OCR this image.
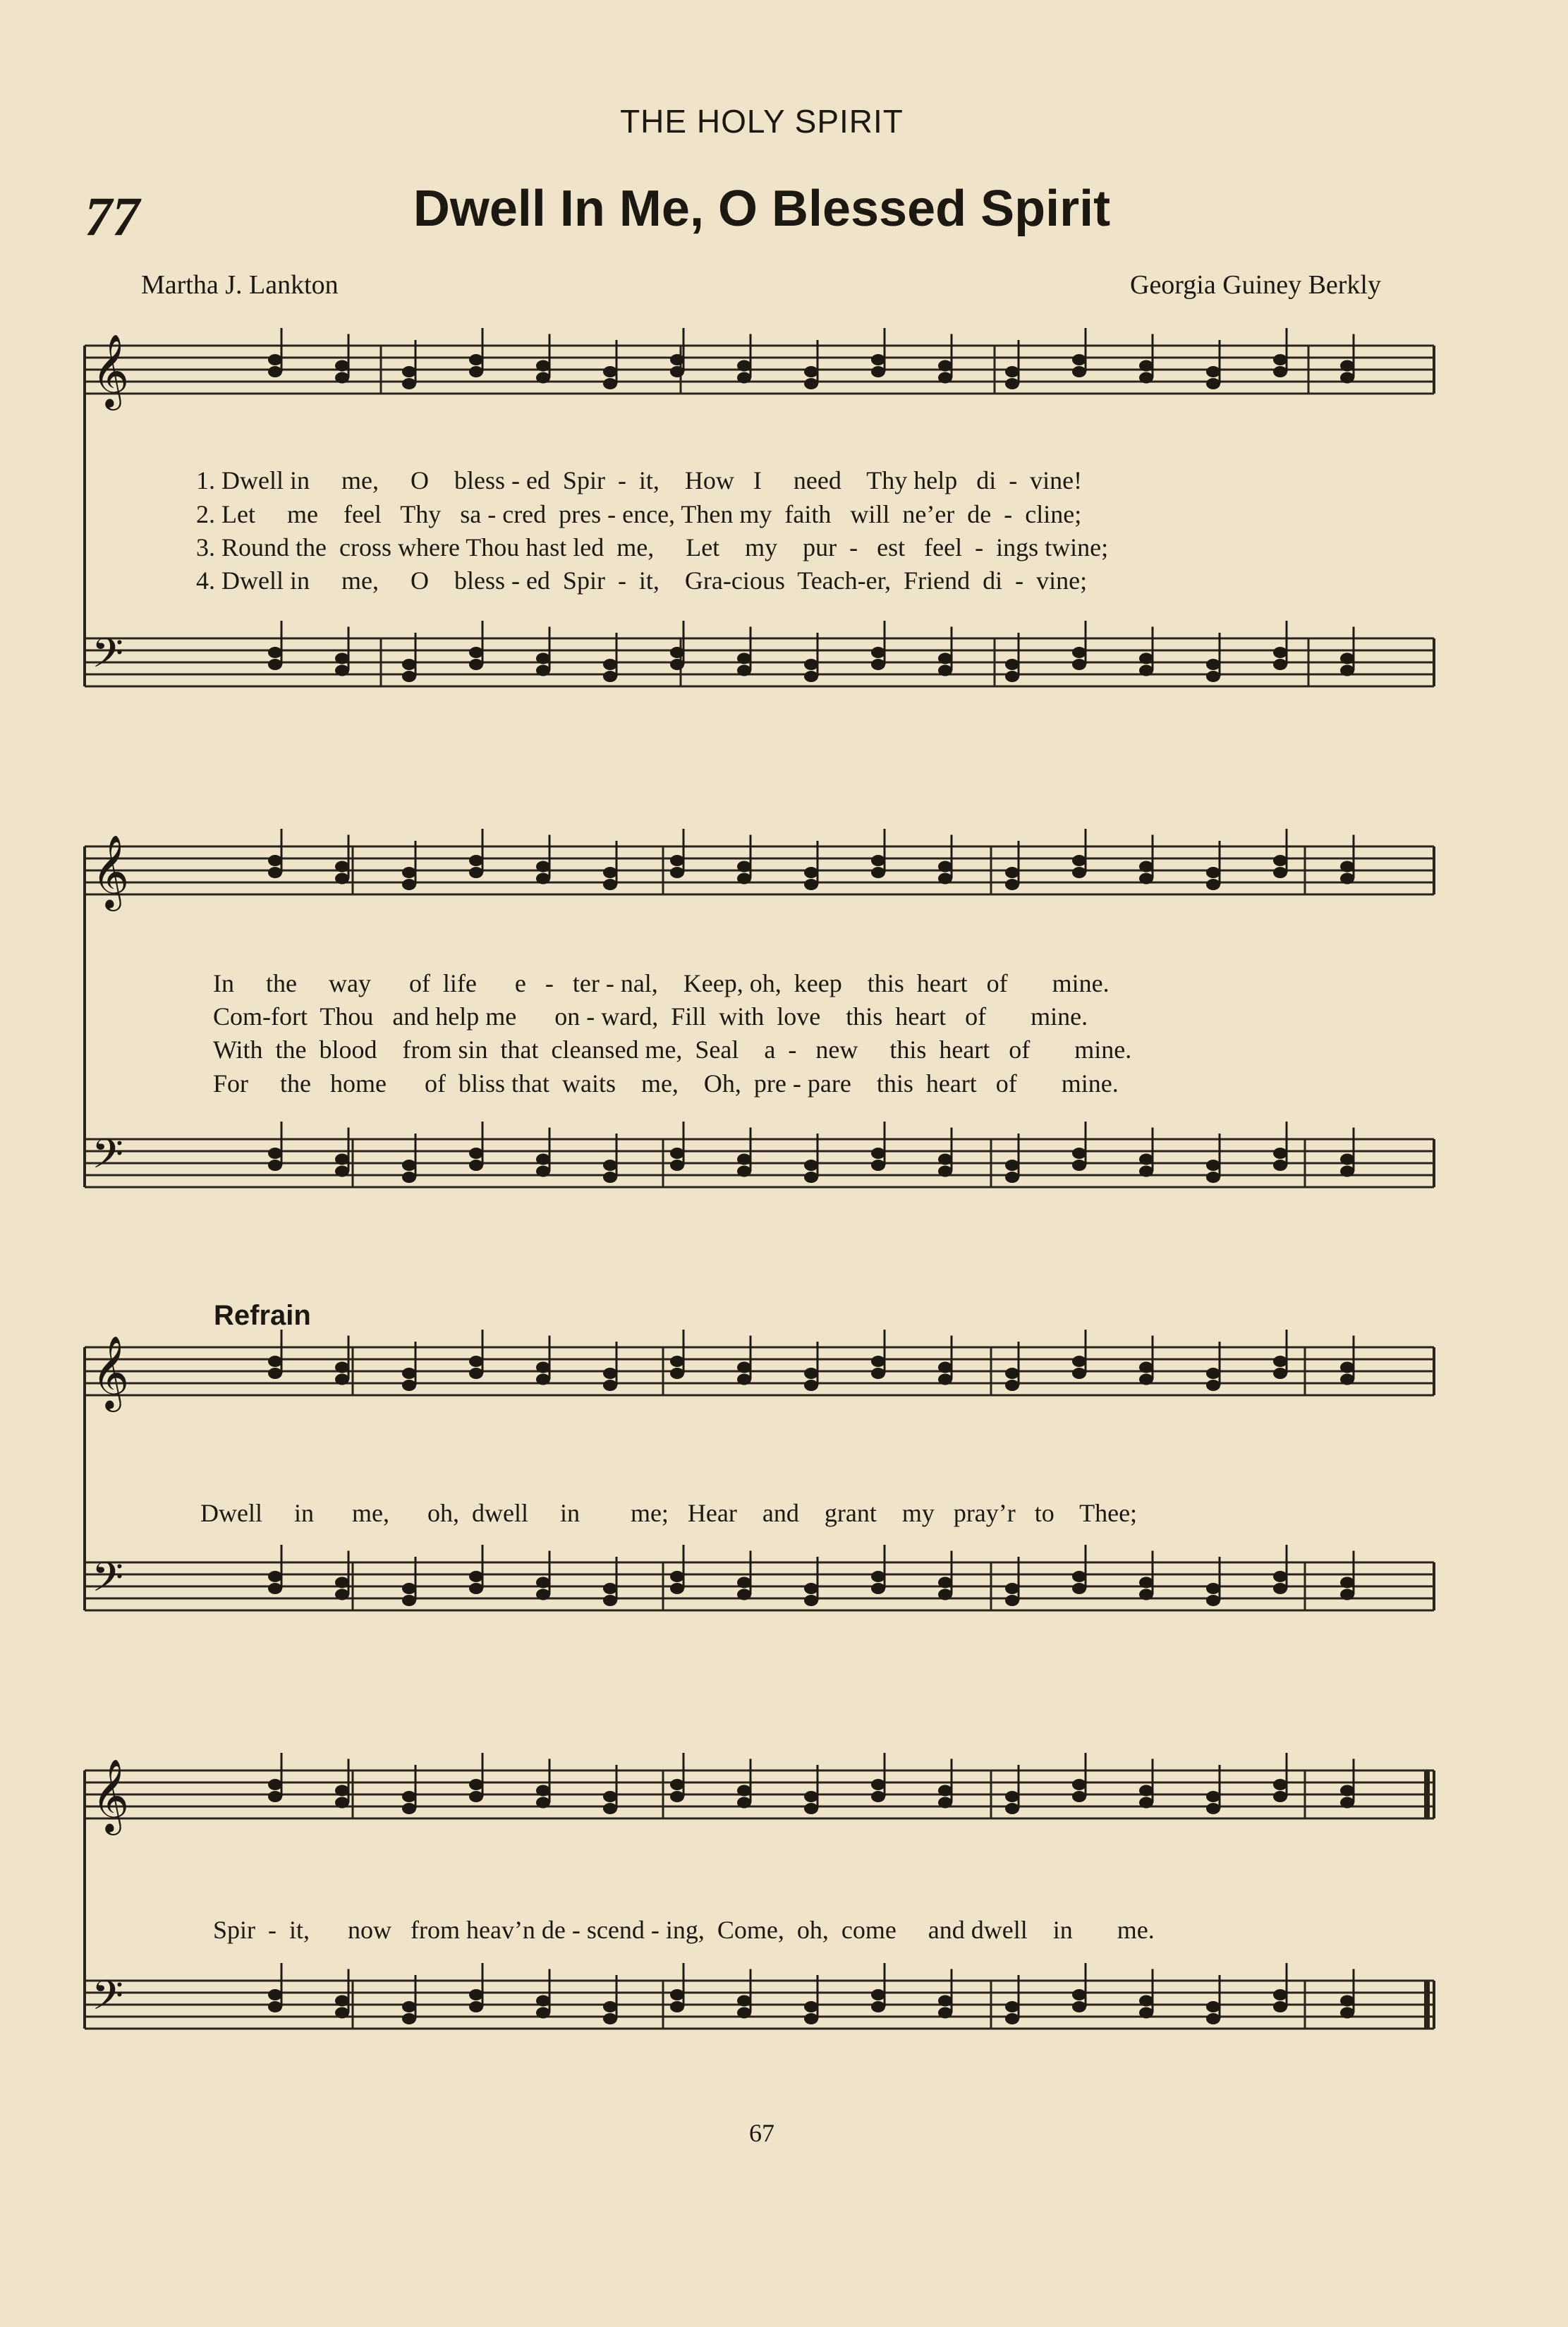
THE HOLY SPIRIT
77	Dwell In Me, O Blessed Spirit
Martha J. Lankton	Georgia Guiney Berkly
𝄞
𝄢
𝄞
𝄢
𝄞
𝄢
𝄞
𝄢
1. Dwell in     me,     O    bless - ed  Spir  -  it,    How   I     need    Thy help   di  -  vine!
2. Let     me    feel   Thy   sa - cred  pres - ence, Then my  faith   will  ne’er  de  -  cline;
3. Round the  cross where Thou hast led  me,     Let    my    pur  -   est   feel  -  ings twine;
4. Dwell in     me,     O    bless - ed  Spir  -  it,    Gra-cious  Teach-er,  Friend  di  -  vine;
In     the     way      of  life      e   -   ter - nal,    Keep, oh,  keep    this  heart   of       mine.
Com-fort  Thou   and help me      on - ward,  Fill  with  love    this  heart   of       mine.
With  the  blood    from sin  that  cleansed me,  Seal    a  -   new     this  heart   of       mine.
For     the   home      of  bliss that  waits    me,    Oh,  pre - pare    this  heart   of       mine.
Refrain
Dwell     in      me,      oh,  dwell     in        me;   Hear    and    grant    my   pray’r   to    Thee;
Spir  -  it,      now   from heav’n de - scend - ing,  Come,  oh,  come     and dwell    in       me.
67
